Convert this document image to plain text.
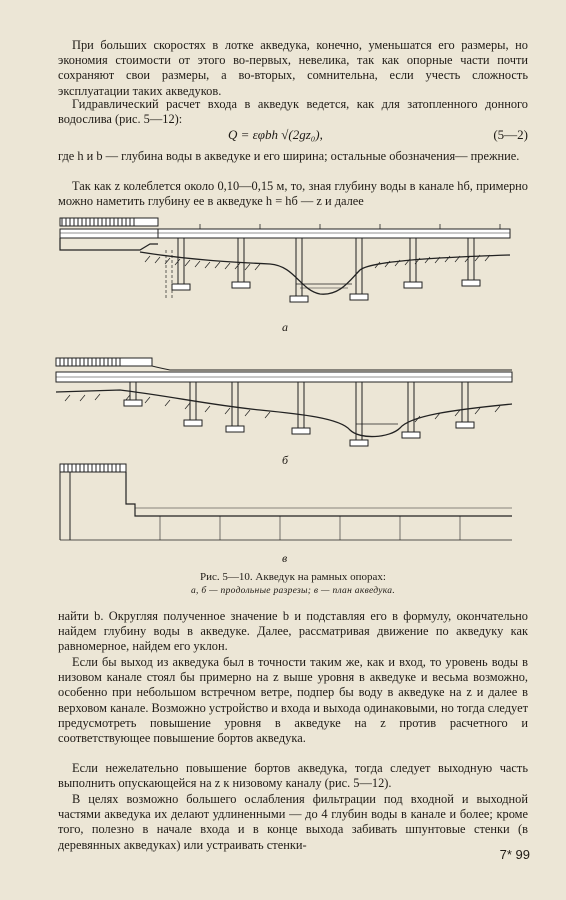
При больших скоростях в лотке акведука, конечно, уменьшатся его размеры, но экономия стоимости от этого во-первых, невелика, так как опорные части почти сохраняют свои размеры, а во-вторых, сомнительна, если учесть сложность эксплуатации таких акведуков.

Гидравлический расчет входа в акведук ведется, как для затопленного донного водослива (рис. 5—12):

Q = εφbh √(2gz₀),	(5—2)

где h и b — глубина воды в акведуке и его ширина; остальные обозначения— прежние.

Так как z колеблется около 0,10—0,15 м, то, зная глубину воды в канале hб, примерно можно наметить глубину ее в акведуке h = hб — z и далее

а
б
в
Рис. 5—10. Акведук на рамных опорах:
а, б — продольные разрезы; в — план акведука.

найти b. Округляя полученное значение b и подставляя его в формулу, окончательно найдем глубину воды в акведуке. Далее, рассматривая движение по акведуку как равномерное, найдем его уклон.

Если бы выход из акведука был в точности таким же, как и вход, то уровень воды в низовом канале стоял бы примерно на z выше уровня в акведуке и весьма возможно, особенно при небольшом встречном ветре, подпер бы воду в акведуке на z и далее в верховом канале. Возможно устройство и входа и выхода одинаковыми, но тогда следует предусмотреть повышение уровня в акведуке на z против расчетного и соответствующее повышение бортов акведука.

Если нежелательно повышение бортов акведука, тогда следует выходную часть выполнить опускающейся на z к низовому каналу (рис. 5—12).

В целях возможно большего ослабления фильтрации под входной и выходной частями акведука их делают удлиненными — до 4 глубин воды в канале и более; кроме того, полезно в начале входа и в конце выхода забивать шпунтовые стенки (в деревянных акведуках) или устраивать стенки-

7* 99
